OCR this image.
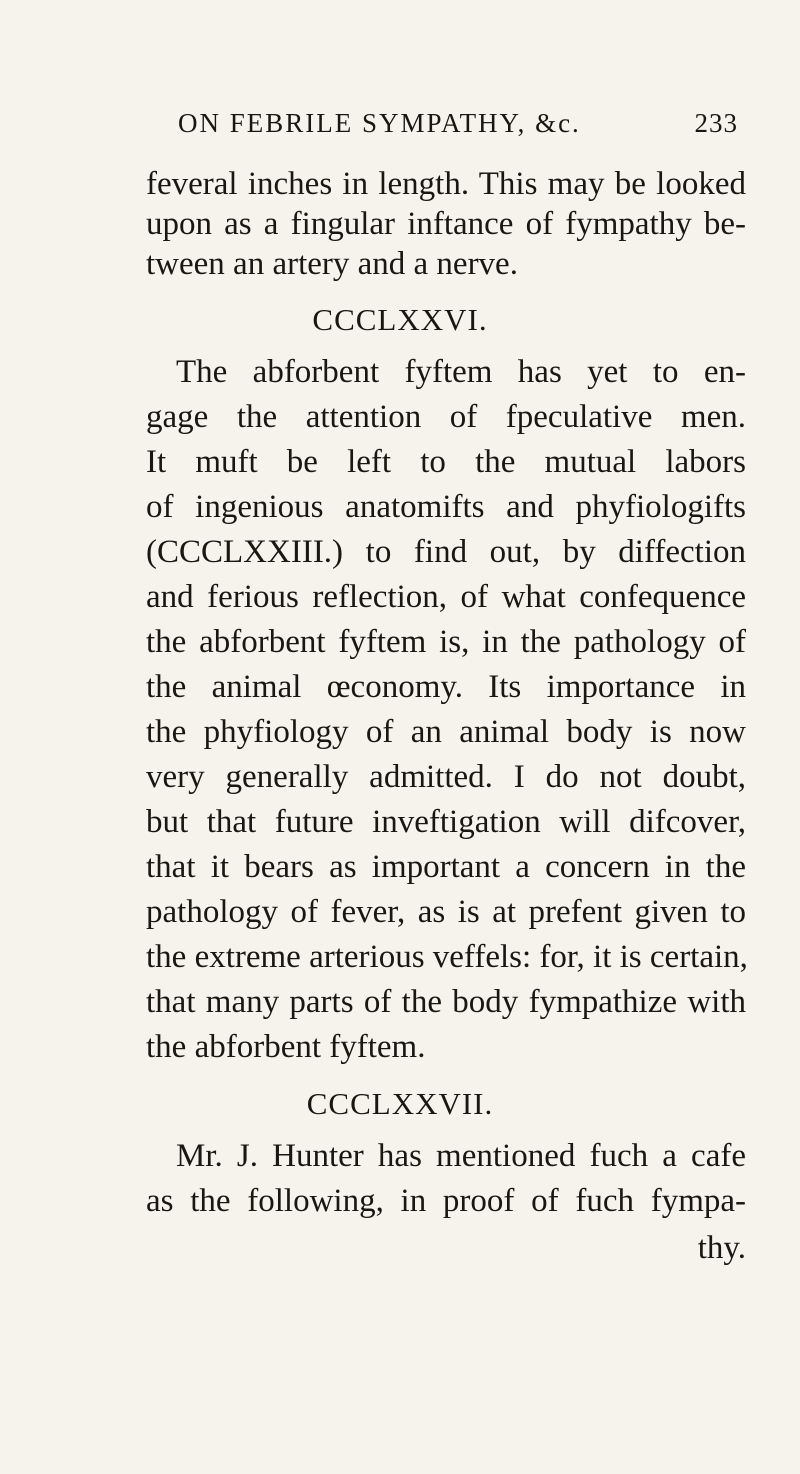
ON FEBRILE SYMPATHY, &c.	233
feveral inches in length. This may be looked
upon as a fingular inftance of fympathy be-
tween an artery and a nerve.
CCCLXXVI.
The abforbent fyftem has yet to en-
gage the attention of fpeculative men.
It muft be left to the mutual labors
of ingenious anatomifts and phyfiologifts
(CCCLXXIII.) to find out, by diffection
and ferious reflection, of what confequence
the abforbent fyftem is, in the pathology of
the animal œconomy. Its importance in
the phyfiology of an animal body is now
very generally admitted. I do not doubt,
but that future inveftigation will difcover,
that it bears as important a concern in the
pathology of fever, as is at prefent given to
the extreme arterious veffels: for, it is certain,
that many parts of the body fympathize with
the abforbent fyftem.
CCCLXXVII.
Mr. J. Hunter has mentioned fuch a cafe
as the following, in proof of fuch fympa-
thy.
